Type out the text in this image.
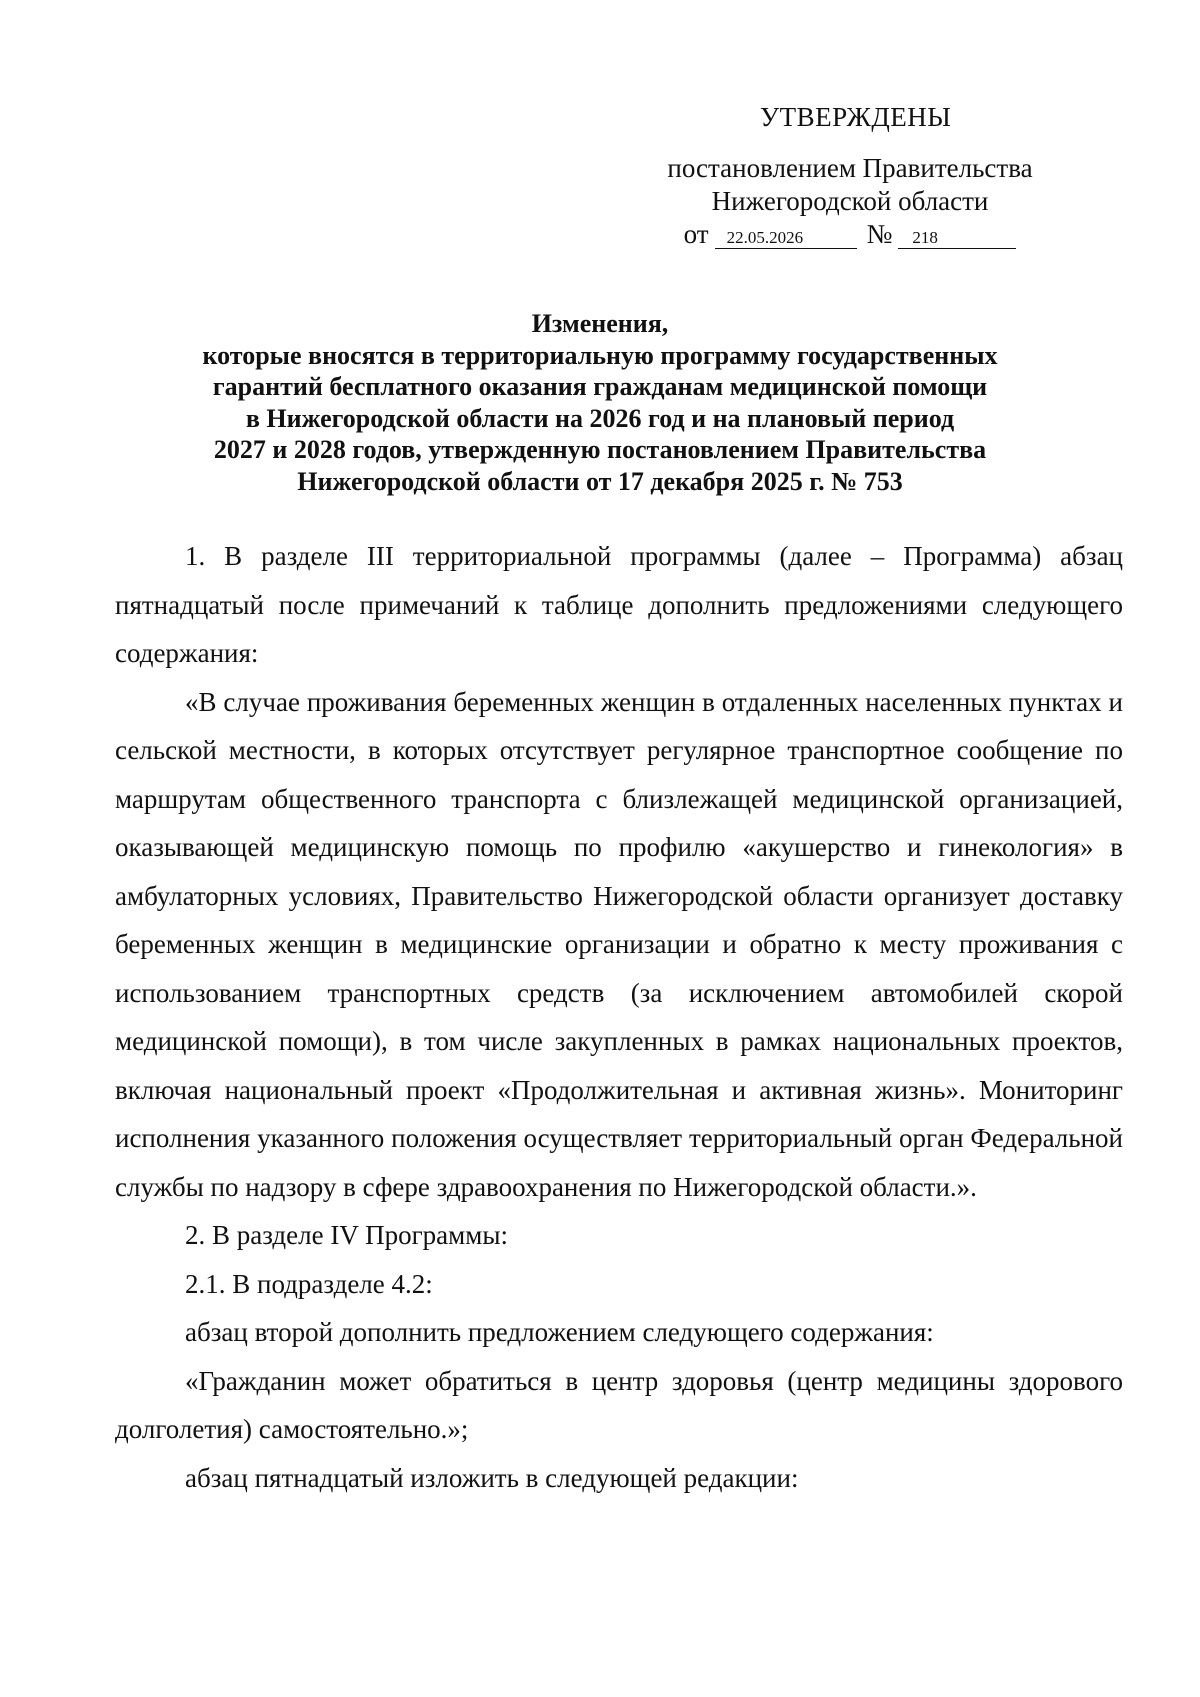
УТВЕРЖДЕНЫ
постановлением Правительства
Нижегородской области
от 22.05.2026 № 218
Изменения,
которые вносятся в территориальную программу государственных
гарантий бесплатного оказания гражданам медицинской помощи
в Нижегородской области на 2026 год и на плановый период
2027 и 2028 годов, утвержденную постановлением Правительства
Нижегородской области от 17 декабря 2025 г. № 753

1. В разделе III территориальной программы (далее – Программа) абзац пятнадцатый после примечаний к таблице дополнить предложениями следующего содержания:

«В случае проживания беременных женщин в отдаленных населенных пунктах и сельской местности, в которых отсутствует регулярное транспортное сообщение по маршрутам общественного транспорта с близлежащей медицинской организацией, оказывающей медицинскую помощь по профилю «акушерство и гинекология» в амбулаторных условиях, Правительство Нижегородской области организует доставку беременных женщин в медицинские организации и обратно к месту проживания с использованием транспортных средств (за исключением автомобилей скорой медицинской помощи), в том числе закупленных в рамках национальных проектов, включая национальный проект «Продолжительная и активная жизнь». Мониторинг исполнения указанного положения осуществляет территориальный орган Федеральной службы по надзору в сфере здравоохранения по Нижегородской области.».

2. В разделе IV Программы:

2.1. В подразделе 4.2:

абзац второй дополнить предложением следующего содержания:

«Гражданин может обратиться в центр здоровья (центр медицины здорового долголетия) самостоятельно.»;

абзац пятнадцатый изложить в следующей редакции:
